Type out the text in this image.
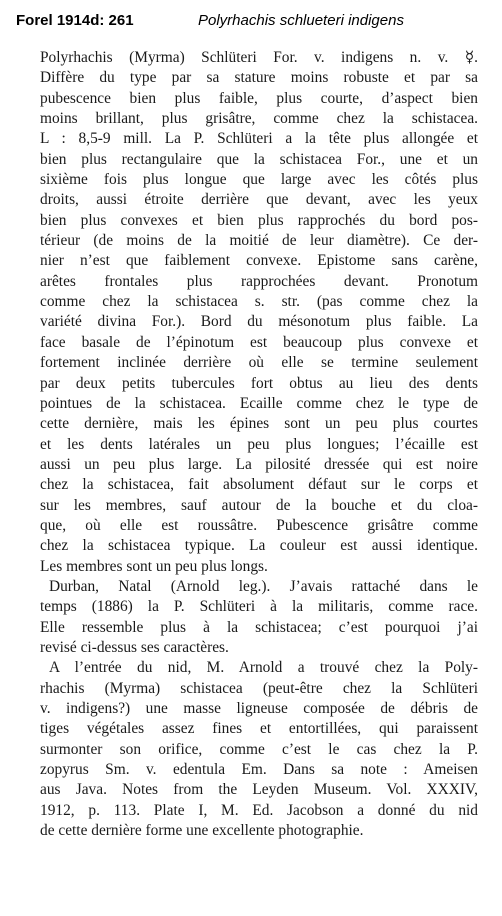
Forel 1914d: 261	Polyrhachis schlueteri indigens
Polyrhachis (Myrma) Schlüteri For. v. indigens n. v. ☿.
Diffère du type par sa stature moins robuste et par sa
pubescence bien plus faible, plus courte, d’aspect bien
moins brillant, plus grisâtre, comme chez la schistacea.
L : 8,5-9 mill. La P. Schlüteri a la tête plus allongée et
bien plus rectangulaire que la schistacea For., une et un
sixième fois plus longue que large avec les côtés plus
droits, aussi étroite derrière que devant, avec les yeux
bien plus convexes et bien plus rapprochés du bord pos-
térieur (de moins de la moitié de leur diamètre). Ce der-
nier n’est que faiblement convexe. Epistome sans carène,
arêtes frontales plus rapprochées devant. Pronotum
comme chez la schistacea s. str. (pas comme chez la
variété divina For.). Bord du mésonotum plus faible. La
face basale de l’épinotum est beaucoup plus convexe et
fortement inclinée derrière où elle se termine seulement
par deux petits tubercules fort obtus au lieu des dents
pointues de la schistacea. Ecaille comme chez le type de
cette dernière, mais les épines sont un peu plus courtes
et les dents latérales un peu plus longues; l’écaille est
aussi un peu plus large. La pilosité dressée qui est noire
chez la schistacea, fait absolument défaut sur le corps et
sur les membres, sauf autour de la bouche et du cloa-
que, où elle est roussâtre. Pubescence grisâtre comme
chez la schistacea typique. La couleur est aussi identique.
Les membres sont un peu plus longs.
Durban, Natal (Arnold leg.). J’avais rattaché dans le
temps (1886) la P. Schlüteri à la militaris, comme race.
Elle ressemble plus à la schistacea; c’est pourquoi j’ai
revisé ci-dessus ses caractères.
A l’entrée du nid, M. Arnold a trouvé chez la Poly-
rhachis (Myrma) schistacea (peut-être chez la Schlüteri
v. indigens?) une masse ligneuse composée de débris de
tiges végétales assez fines et entortillées, qui paraissent
surmonter son orifice, comme c’est le cas chez la P.
zopyrus Sm. v. edentula Em. Dans sa note : Ameisen
aus Java. Notes from the Leyden Museum. Vol. XXXIV,
1912, p. 113. Plate I, M. Ed. Jacobson a donné du nid
de cette dernière forme une excellente photographie.
